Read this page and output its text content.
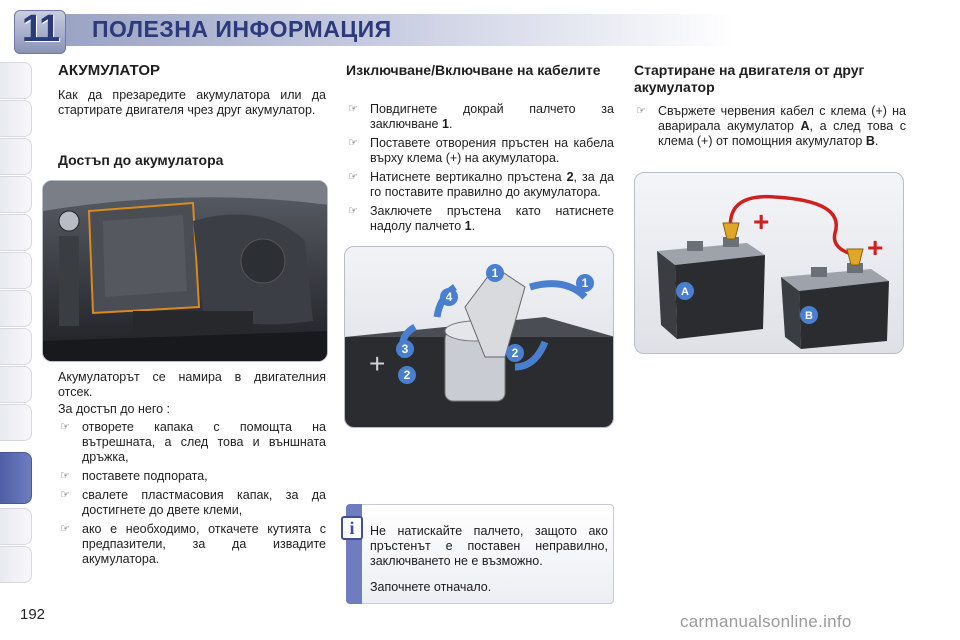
11	ПОЛЕЗНА ИНФОРМАЦИЯ
АКУМУЛАТОР
Как да презаредите акумулатора или да стартирате двигателя чрез друг акумулатор.
Достъп до акумулатора
Акумулаторът се намира в двигателния отсек.
За достъп до него :
☞ отворете капака с помощта на вътрешната, а след това и външната дръжка,
☞ поставете подпората,
☞ свалете пластмасовия капак, за да достигнете до двете клеми,
☞ ако е необходимо, откачете кутията с предпазители, за да извадите акумулатора.
Изключване/Включване на кабелите
☞ Повдигнете докрай палчето за заключване 1.
☞ Поставете отворения пръстен на кабела върху клема (+) на акумулатора.
☞ Натиснете вертикално пръстена 2, за да го поставите правилно до акумулатора.
☞ Заключете пръстена като натиснете надолу палчето 1.
+
1
1
2
2
3
4
i	Не натискайте палчето, защото ако пръстенът е поставен неправилно, заключването не е възможно.
Започнете отначало.
Стартиране на двигателя от друг акумулатор
☞ Свържете червения кабел с клема (+) на аварирала акумулатор A, а след това с клема (+) от помощния акумулатор B.
A
B
+
+
192	carmanualsonline.info
